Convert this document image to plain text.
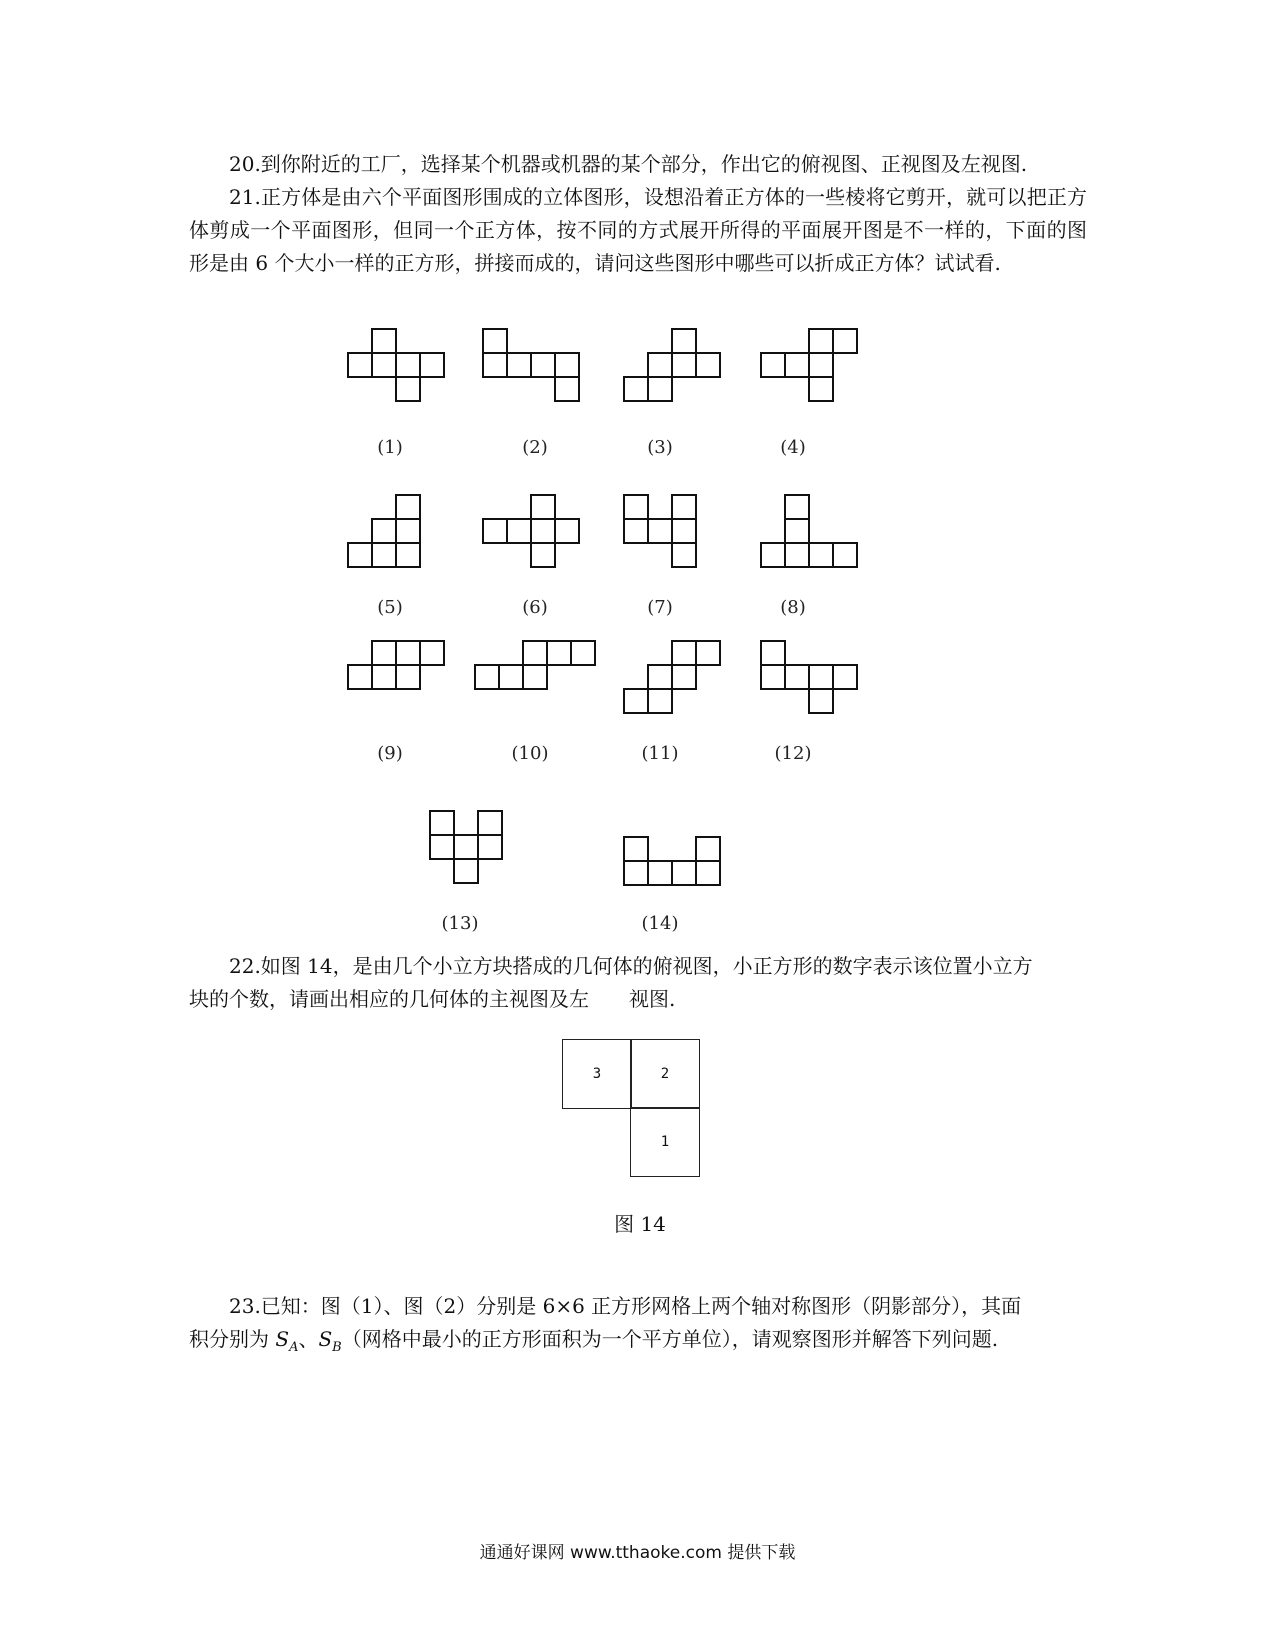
20.到你附近的工厂，选择某个机器或机器的某个部分，作出它的俯视图、正视图及左视图.

21.正方体是由六个平面图形围成的立体图形，设想沿着正方体的一些棱将它剪开，就可以把正方体剪成一个平面图形，但同一个正方体，按不同的方式展开所得的平面展开图是不一样的，下面的图形是由 6 个大小一样的正方形，拼接而成的，请问这些图形中哪些可以折成正方体？试试看.

(1)	(2)	(3)	(4)
(5)	(6)	(7)	(8)
(9)	(10)	(11)	(12)
(13)	(14)

22.如图 14，是由几个小立方块搭成的几何体的俯视图，小正方形的数字表示该位置小立方

块的个数，请画出相应的几何体的主视图及左　　视图.

3	2
1
图 14

23.已知：图（1）、图（2）分别是 6×6 正方形网格上两个轴对称图形（阴影部分），其面

积分别为 $S_A$、$S_B$（网格中最小的正方形面积为一个平方单位），请观察图形并解答下列问题.

通通好课网 www.tthaoke.com 提供下载
